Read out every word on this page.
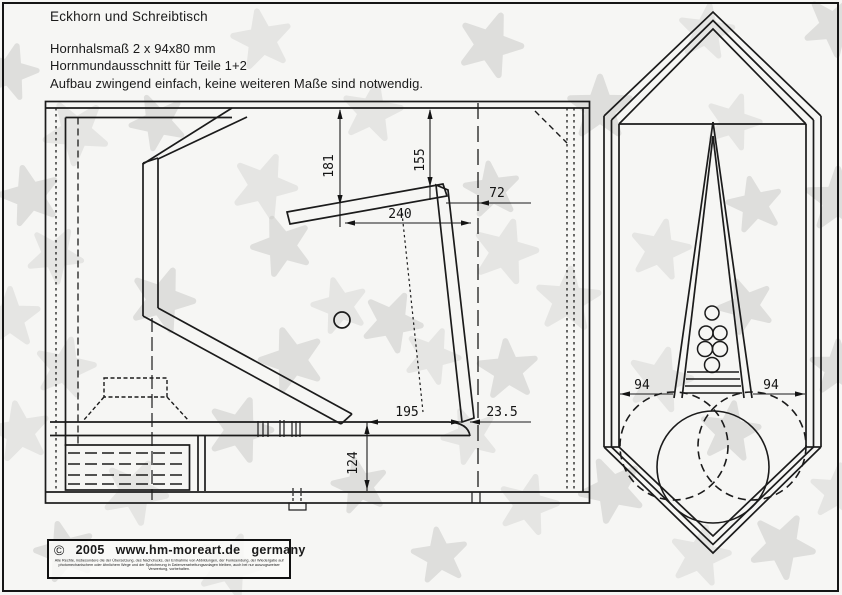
181	155
240
72
195	23.5
124
94	94
Eckhorn und Schreibtisch
Hornhalsmaß 2 x 94x80 mm
Hornmundausschnitt für Teile 1+2
Aufbau zwingend einfach, keine weiteren Maße sind notwendig.
© 2005 www.hm-moreart.de germany
Alle Rechte, insbesondere die der Übersetzung, des Nachdrucks, der Entnahme von Abbildungen, der Funksendung, der Wiedergabe auf photomechanischem oder ähnlichem Wege und der Speicherung in Datenverarbeitungsanlagen bleiben, auch bei nur auszugsweiser Verwertung, vorbehalten.
